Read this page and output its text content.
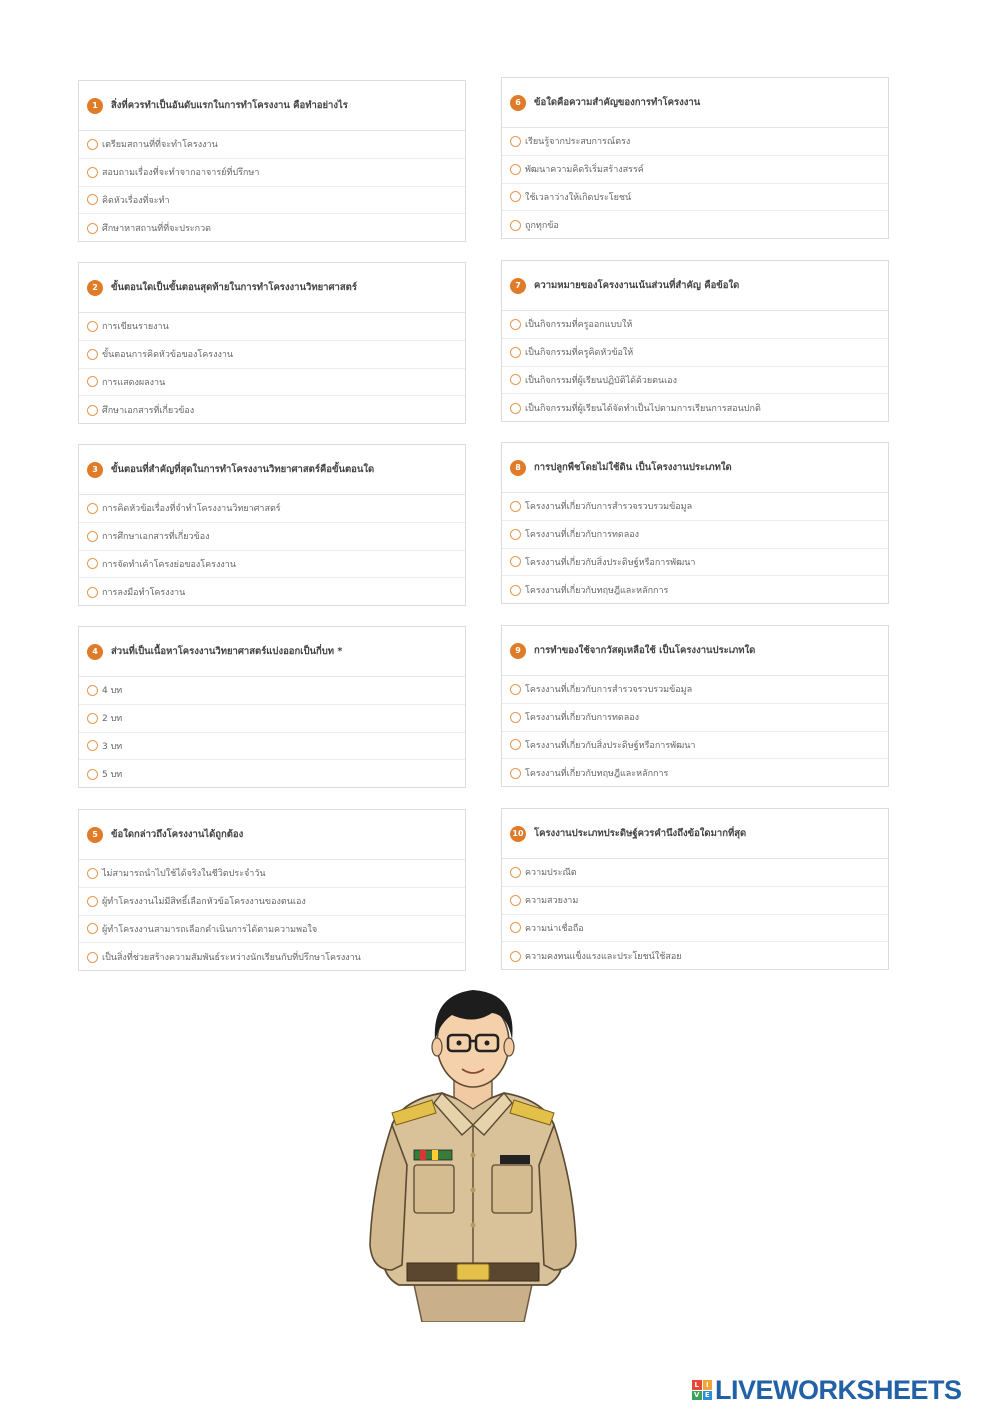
1	สิ่งที่ควรทำเป็นอันดับแรกในการทำโครงงาน คือทำอย่างไร
เตรียมสถานที่ที่จะทำโครงงาน
สอบถามเรื่องที่จะทำจากอาจารย์ที่ปรึกษา
คิดหัวเรื่องที่จะทำ
ศึกษาหาสถานที่ที่จะประกวด
2	ขั้นตอนใดเป็นขั้นตอนสุดท้ายในการทำโครงงานวิทยาศาสตร์
การเขียนรายงาน
ขั้นตอนการคิดหัวข้อของโครงงาน
การแสดงผลงาน
ศึกษาเอกสารที่เกี่ยวข้อง
3	ขั้นตอนที่สำคัญที่สุดในการทำโครงงานวิทยาศาสตร์คือขั้นตอนใด
การคิดหัวข้อเรื่องที่จำทำโครงงานวิทยาศาสตร์
การศึกษาเอกสารที่เกี่ยวข้อง
การจัดทำเค้าโครงย่อของโครงงาน
การลงมือทำโครงงาน
4	ส่วนที่เป็นเนื้อหาโครงงานวิทยาศาสตร์แบ่งออกเป็นกี่บท *
4 บท
2 บท
3 บท
5 บท
5	ข้อใดกล่าวถึงโครงงานได้ถูกต้อง
ไม่สามารถนำไปใช้ได้จริงในชีวิตประจำวัน
ผู้ทำโครงงานไม่มีสิทธิ์เลือกหัวข้อโครงงานของตนเอง
ผู้ทำโครงงานสามารถเลือกดำเนินการได้ตามความพอใจ
เป็นสิ่งที่ช่วยสร้างความสัมพันธ์ระหว่างนักเรียนกับที่ปรึกษาโครงงาน
6	ข้อใดคือความสำคัญของการทำโครงงาน
เรียนรู้จากประสบการณ์ตรง
พัฒนาความคิดริเริ่มสร้างสรรค์
ใช้เวลาว่างให้เกิดประโยชน์
ถูกทุกข้อ
7	ความหมายของโครงงานเน้นส่วนที่สำคัญ คือข้อใด
เป็นกิจกรรมที่ครูออกแบบให้
เป็นกิจกรรมที่ครูคิดหัวข้อให้
เป็นกิจกรรมที่ผู้เรียนปฏิบัติได้ด้วยตนเอง
เป็นกิจกรรมที่ผู้เรียนได้จัดทำเป็นไปตามการเรียนการสอนปกติ
8	การปลูกพืชโดยไม่ใช้ดิน เป็นโครงงานประเภทใด
โครงงานที่เกี่ยวกับการสำรวจรวบรวมข้อมูล
โครงงานที่เกี่ยวกับการทดลอง
โครงงานที่เกี่ยวกับสิ่งประดิษฐ์หรือการพัฒนา
โครงงานที่เกี่ยวกับทฤษฎีและหลักการ
9	การทำของใช้จากวัสดุเหลือใช้ เป็นโครงงานประเภทใด
โครงงานที่เกี่ยวกับการสำรวจรวบรวมข้อมูล
โครงงานที่เกี่ยวกับการทดลอง
โครงงานที่เกี่ยวกับสิ่งประดิษฐ์หรือการพัฒนา
โครงงานที่เกี่ยวกับทฤษฎีและหลักการ
10 โครงงานประเภทประดิษฐ์ควรคำนึงถึงข้อใดมากที่สุด
ความประณีต
ความสวยงาม
ความน่าเชื่อถือ
ความคงทนแข็งแรงและประโยชน์ใช้สอย
L I
V E LIVEWORKSHEETS
